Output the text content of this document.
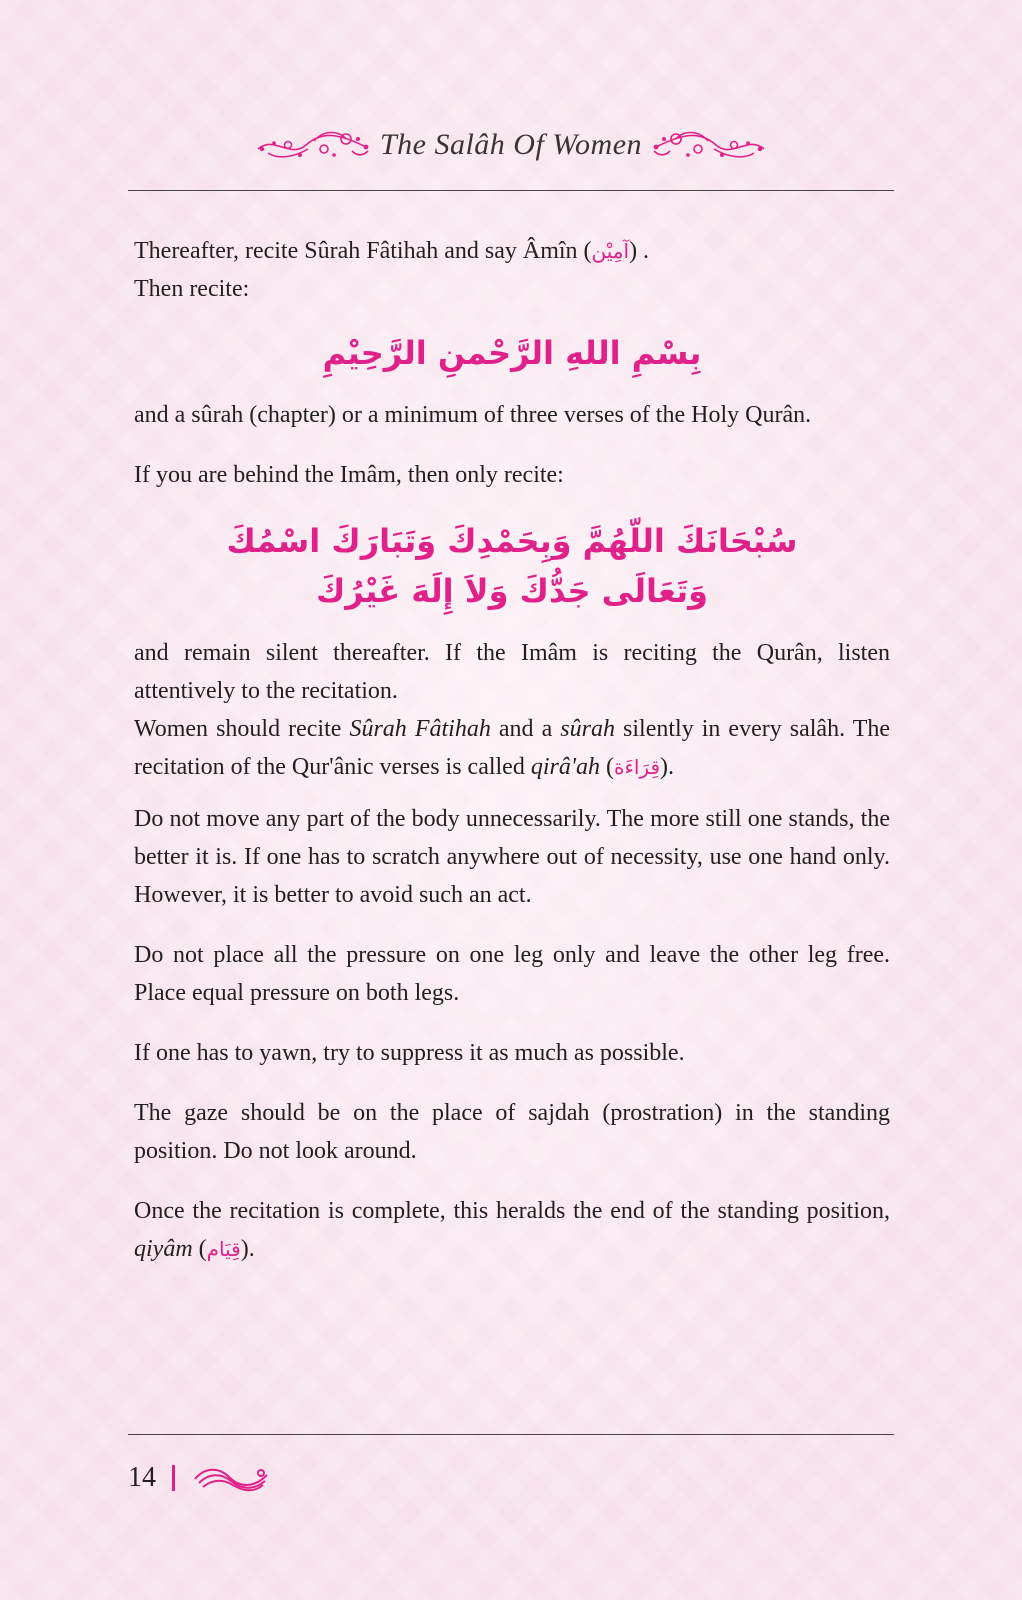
The Salâh Of Women

Thereafter, recite Sûrah Fâtihah and say Âmîn (آمِيْن) .

Then recite:

بِسْمِ اللهِ الرَّحْمنِ الرَّحِيْمِ

and a sûrah (chapter) or a minimum of three verses of the Holy Qurân.

If you are behind the Imâm, then only recite:

سُبْحَانَكَ اللّهُمَّ وَبِحَمْدِكَ وَتَبَارَكَ اسْمُكَ

وَتَعَالَى جَدُّكَ وَلاَ إِلَهَ غَيْرُكَ

and remain silent thereafter. If the Imâm is reciting the Qurân, listen attentively to the recitation.

Women should recite Sûrah Fâtihah and a sûrah silently in every salâh. The recitation of the Qur'ânic verses is called qirâ'ah (قِرَاءَة).

Do not move any part of the body unnecessarily. The more still one stands, the better it is. If one has to scratch anywhere out of necessity, use one hand only. However, it is better to avoid such an act.

Do not place all the pressure on one leg only and leave the other leg free. Place equal pressure on both legs.

If one has to yawn, try to suppress it as much as possible.

The gaze should be on the place of sajdah (prostration) in the standing position. Do not look around.

Once the recitation is complete, this heralds the end of the standing position, qiyâm (قِيَام).

14
